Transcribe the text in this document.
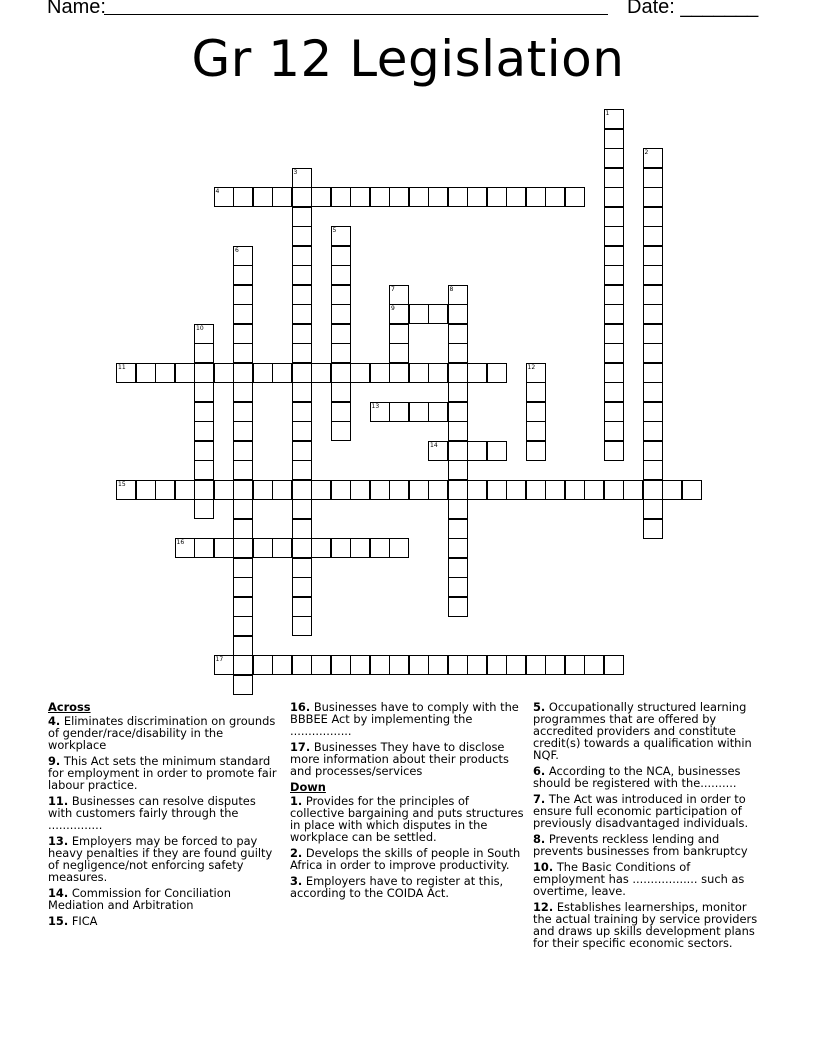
Name:	Date: _______
Gr 12 Legislation
1
2
3
4
5
6
7
9
8
10
11	12
13
14
15
16
17
Across
4. Eliminates discrimination on grounds of gender/race/disability in the workplace
9. This Act sets the minimum standard for employment in order to promote fair labour practice.
11. Businesses can resolve disputes with customers fairly through the ...............
13. Employers may be forced to pay heavy penalties if they are found guilty of negligence/not enforcing safety measures.
14. Commission for Conciliation Mediation and Arbitration
15. FICA
16. Businesses have to comply with the BBBEE Act by implementing the .................
17. Businesses They have to disclose more information about their products and processes/services
Down
1. Provides for the principles of collective bargaining and puts structures in place with which disputes in the workplace can be settled.
2. Develops the skills of people in South Africa in order to improve productivity.
3. Employers have to register at this, according to the COIDA Act.
5. Occupationally structured learning programmes that are offered by accredited providers and constitute credit(s) towards a qualification within NQF.
6. According to the NCA, businesses should be registered with the..........
7. The Act was introduced in order to ensure full economic participation of previously disadvantaged individuals.
8. Prevents reckless lending and prevents businesses from bankruptcy
10. The Basic Conditions of employment has .................. such as overtime, leave.
12. Establishes learnerships, monitor the actual training by service providers and draws up skills development plans for their specific economic sectors.
